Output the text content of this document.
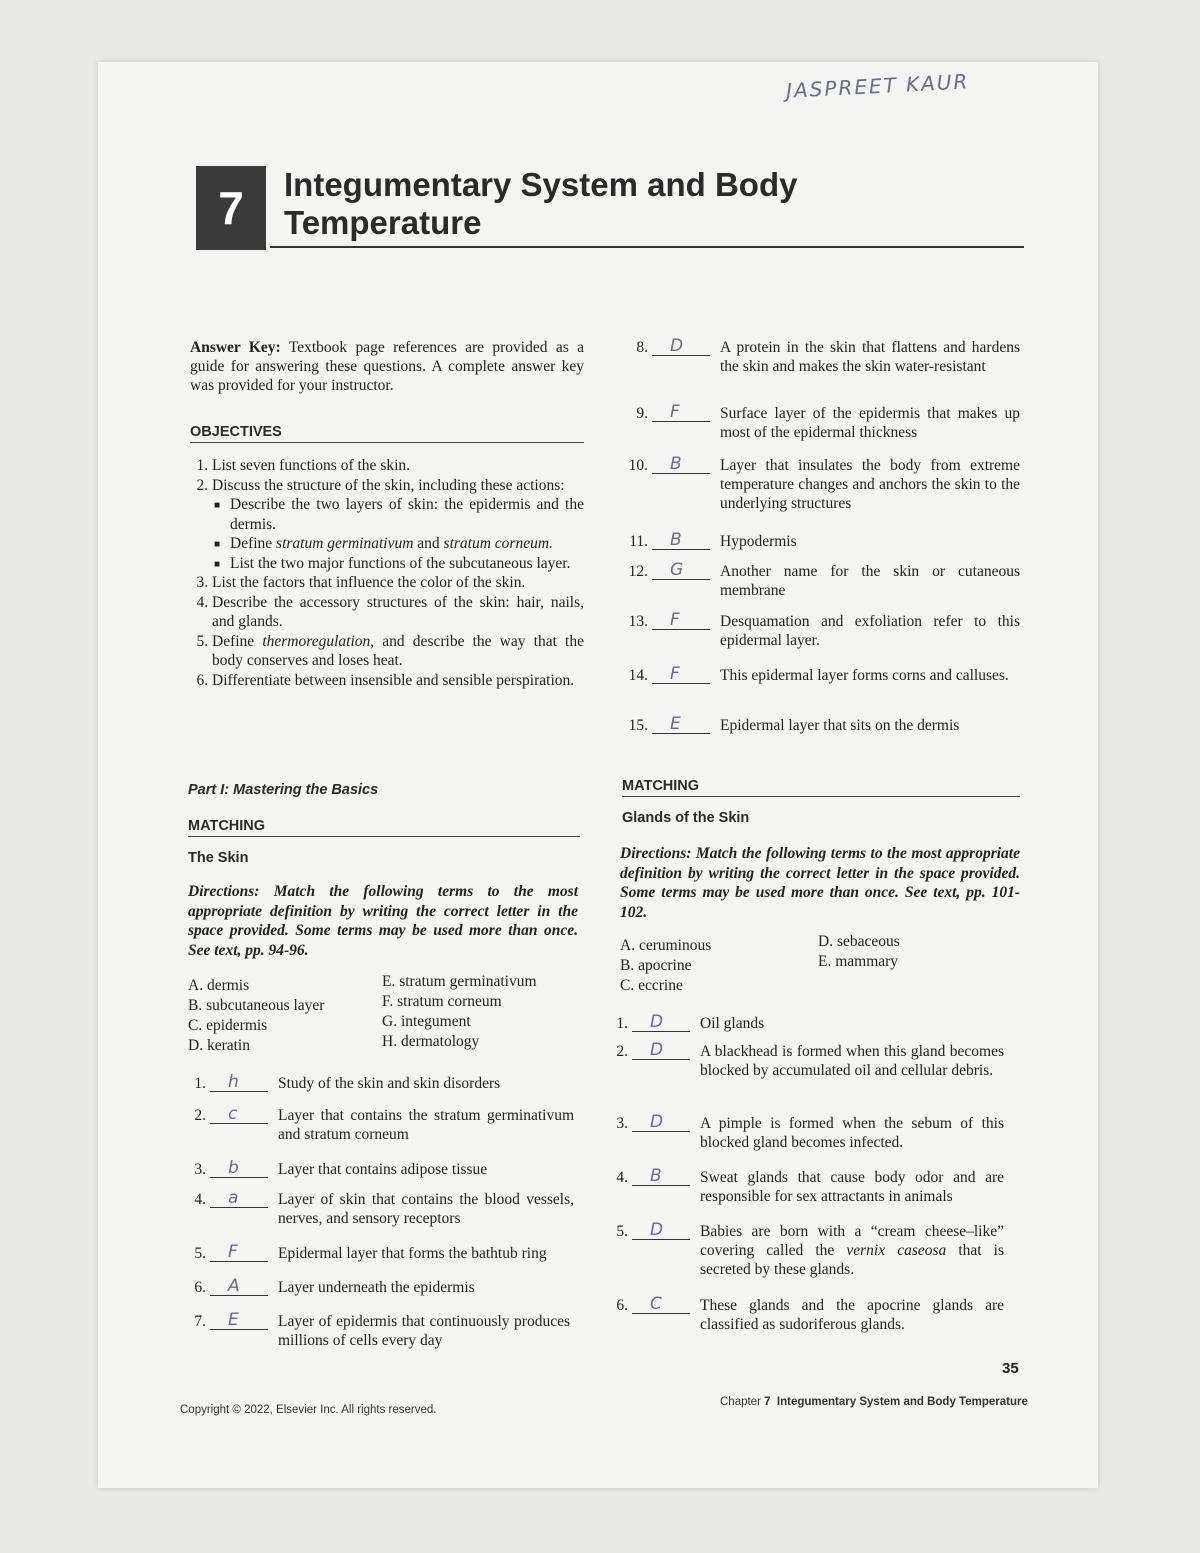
JASPREET KAUR
7	Integumentary System and Body
Temperature
Answer Key: Textbook page references are provided as a guide for answering these questions. A complete answer key was provided for your instructor.
OBJECTIVES
1. List seven functions of the skin.
2. Discuss the structure of the skin, including these actions:
■ Describe the two layers of skin: the epidermis and the dermis.
■ Define stratum germinativum and stratum corneum.
■ List the two major functions of the subcutaneous layer.
3. List the factors that influence the color of the skin.
4. Describe the accessory structures of the skin: hair, nails, and glands.
5. Define thermoregulation, and describe the way that the body conserves and loses heat.
6. Differentiate between insensible and sensible perspiration.
Part I: Mastering the Basics
MATCHING
The Skin
Directions: Match the following terms to the most appropriate definition by writing the correct letter in the space provided. Some terms may be used more than once. See text, pp. 94-96.
A. dermis
B. subcutaneous layer
C. epidermis
D. keratin
E. stratum germinativum
F. stratum corneum
G. integument
H. dermatology
1. h	Study of the skin and skin disorders
2. c	Layer that contains the stratum germinativum and stratum corneum
3. b	Layer that contains adipose tissue
4. a	Layer of skin that contains the blood vessels, nerves, and sensory receptors
5. F	Epidermal layer that forms the bathtub ring
6. A Layer underneath the epidermis
7. E	Layer of epidermis that continuously produces millions of cells every day
8. D A protein in the skin that flattens and hardens the skin and makes the skin water-resistant
9. F	Surface layer of the epidermis that makes up most of the epidermal thickness
10. B Layer that insulates the body from extreme temperature changes and anchors the skin to the underlying structures
11. B Hypodermis
12. G Another name for the skin or cutaneous membrane
13. F	Desquamation and exfoliation refer to this epidermal layer.
14. F	This epidermal layer forms corns and calluses.
15. E	Epidermal layer that sits on the dermis
MATCHING
Glands of the Skin
Directions: Match the following terms to the most appropriate definition by writing the correct letter in the space provided. Some terms may be used more than once. See text, pp. 101-102.
A. ceruminous
B. apocrine
C. eccrine
D. sebaceous
E. mammary
1. D Oil glands
2. D A blackhead is formed when this gland becomes blocked by accumulated oil and cellular debris.
3. D A pimple is formed when the sebum of this blocked gland becomes infected.
4. B Sweat glands that cause body odor and are responsible for sex attractants in animals
5. D Babies are born with a “cream cheese–like” covering called the vernix caseosa that is secreted by these glands.
6. C These glands and the apocrine glands are classified as sudoriferous glands.
35
Copyright © 2022, Elsevier Inc. All rights reserved.
Chapter 7 Integumentary System and Body Temperature
